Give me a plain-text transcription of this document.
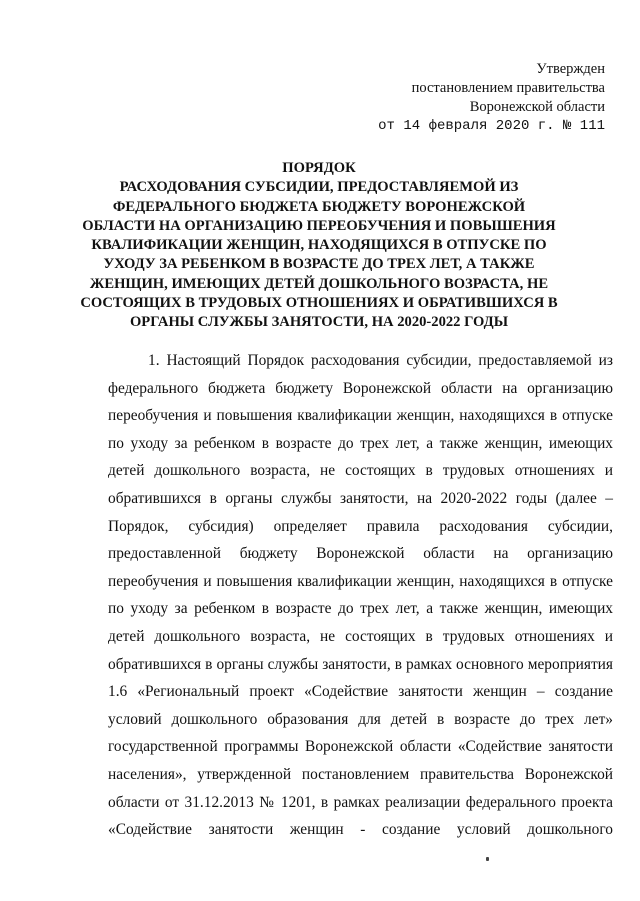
Утвержден
постановлением правительства
Воронежской области
от 14 февраля 2020 г. № 111
ПОРЯДОК
РАСХОДОВАНИЯ СУБСИДИИ, ПРЕДОСТАВЛЯЕМОЙ ИЗ
ФЕДЕРАЛЬНОГО БЮДЖЕТА БЮДЖЕТУ ВОРОНЕЖСКОЙ
ОБЛАСТИ НА ОРГАНИЗАЦИЮ ПЕРЕОБУЧЕНИЯ И ПОВЫШЕНИЯ
КВАЛИФИКАЦИИ ЖЕНЩИН, НАХОДЯЩИХСЯ В ОТПУСКЕ ПО
УХОДУ ЗА РЕБЕНКОМ В ВОЗРАСТЕ ДО ТРЕХ ЛЕТ, А ТАКЖЕ
ЖЕНЩИН, ИМЕЮЩИХ ДЕТЕЙ ДОШКОЛЬНОГО ВОЗРАСТА, НЕ
СОСТОЯЩИХ В ТРУДОВЫХ ОТНОШЕНИЯХ И ОБРАТИВШИХСЯ В
ОРГАНЫ СЛУЖБЫ ЗАНЯТОСТИ, НА 2020-2022 ГОДЫ
1. Настоящий Порядок расходования субсидии, предоставляемой из
федерального бюджета бюджету Воронежской области на организацию
переобучения и повышения квалификации женщин, находящихся в отпуске
по уходу за ребенком в возрасте до трех лет, а также женщин, имеющих
детей дошкольного возраста, не состоящих в трудовых отношениях и
обратившихся в органы службы занятости, на 2020-2022 годы (далее –
Порядок, субсидия) определяет правила расходования субсидии,
предоставленной бюджету Воронежской области на организацию
переобучения и повышения квалификации женщин, находящихся в отпуске
по уходу за ребенком в возрасте до трех лет, а также женщин, имеющих
детей дошкольного возраста, не состоящих в трудовых отношениях и
обратившихся в органы службы занятости, в рамках основного мероприятия
1.6 «Региональный проект «Содействие занятости женщин – создание
условий дошкольного образования для детей в возрасте до трех лет»
государственной программы Воронежской области «Содействие занятости
населения», утвержденной постановлением правительства Воронежской
области от 31.12.2013 № 1201, в рамках реализации федерального проекта
«Содействие занятости женщин - создание условий дошкольного
